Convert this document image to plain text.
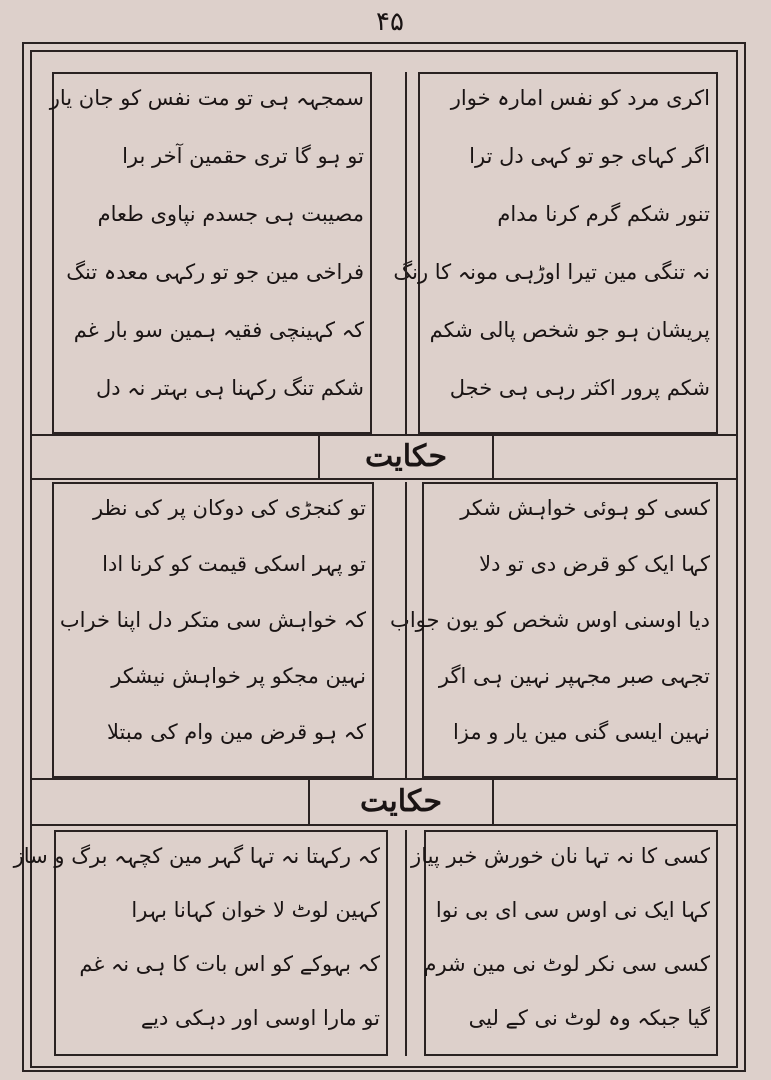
۴۵
اکری مرد کو نفس امارہ خوار
اگر کہای جو تو کہی دل ترا
تنور شکم گرم کرنا مدام
نہ تنگی مین تیرا اوڑہی مونہ کا رنگ
پریشان ہو جو شخص پالی شکم
شکم پرور اکثر رہی ہی خجل
سمجہہ ہی تو مت نفس کو جان یار
تو ہو گا تری حقمین آخر برا
مصیبت ہی جسدم نپاوی طعام
فراخی مین جو تو رکہی معدہ تنگ
کہ کہینچی فقیہ ہمین سو بار غم
شکم تنگ رکہنا ہی بہتر نہ دل
حکایت
کسی کو ہوئی خواہش شکر
کہا ایک کو قرض دی تو دلا
دیا اوسنی اوس شخص کو یون جواب
تجہی صبر مجہپر نہین ہی اگر
نہین ایسی گنی مین یار و مزا
تو کنجڑی کی دوکان پر کی نظر
تو پہر اسکی قیمت کو کرنا ادا
کہ خواہش سی متکر دل اپنا خراب
نہین مجکو پر خواہش نیشکر
کہ ہو قرض مین وام کی مبتلا
حکایت
کسی کا نہ تہا نان خورش خبر پیاز
کہا ایک نی اوس سی ای بی نوا
کسی سی نکر لوٹ نی مین شرم
گیا جبکہ وہ لوٹ نی کے لیی
کہ رکہتا نہ تہا گہر مین کچہہ برگ و ساز
کہین لوٹ لا خوان کہانا بہرا
کہ بہوکے کو اس بات کا ہی نہ غم
تو مارا اوسی اور دہکی دیے
